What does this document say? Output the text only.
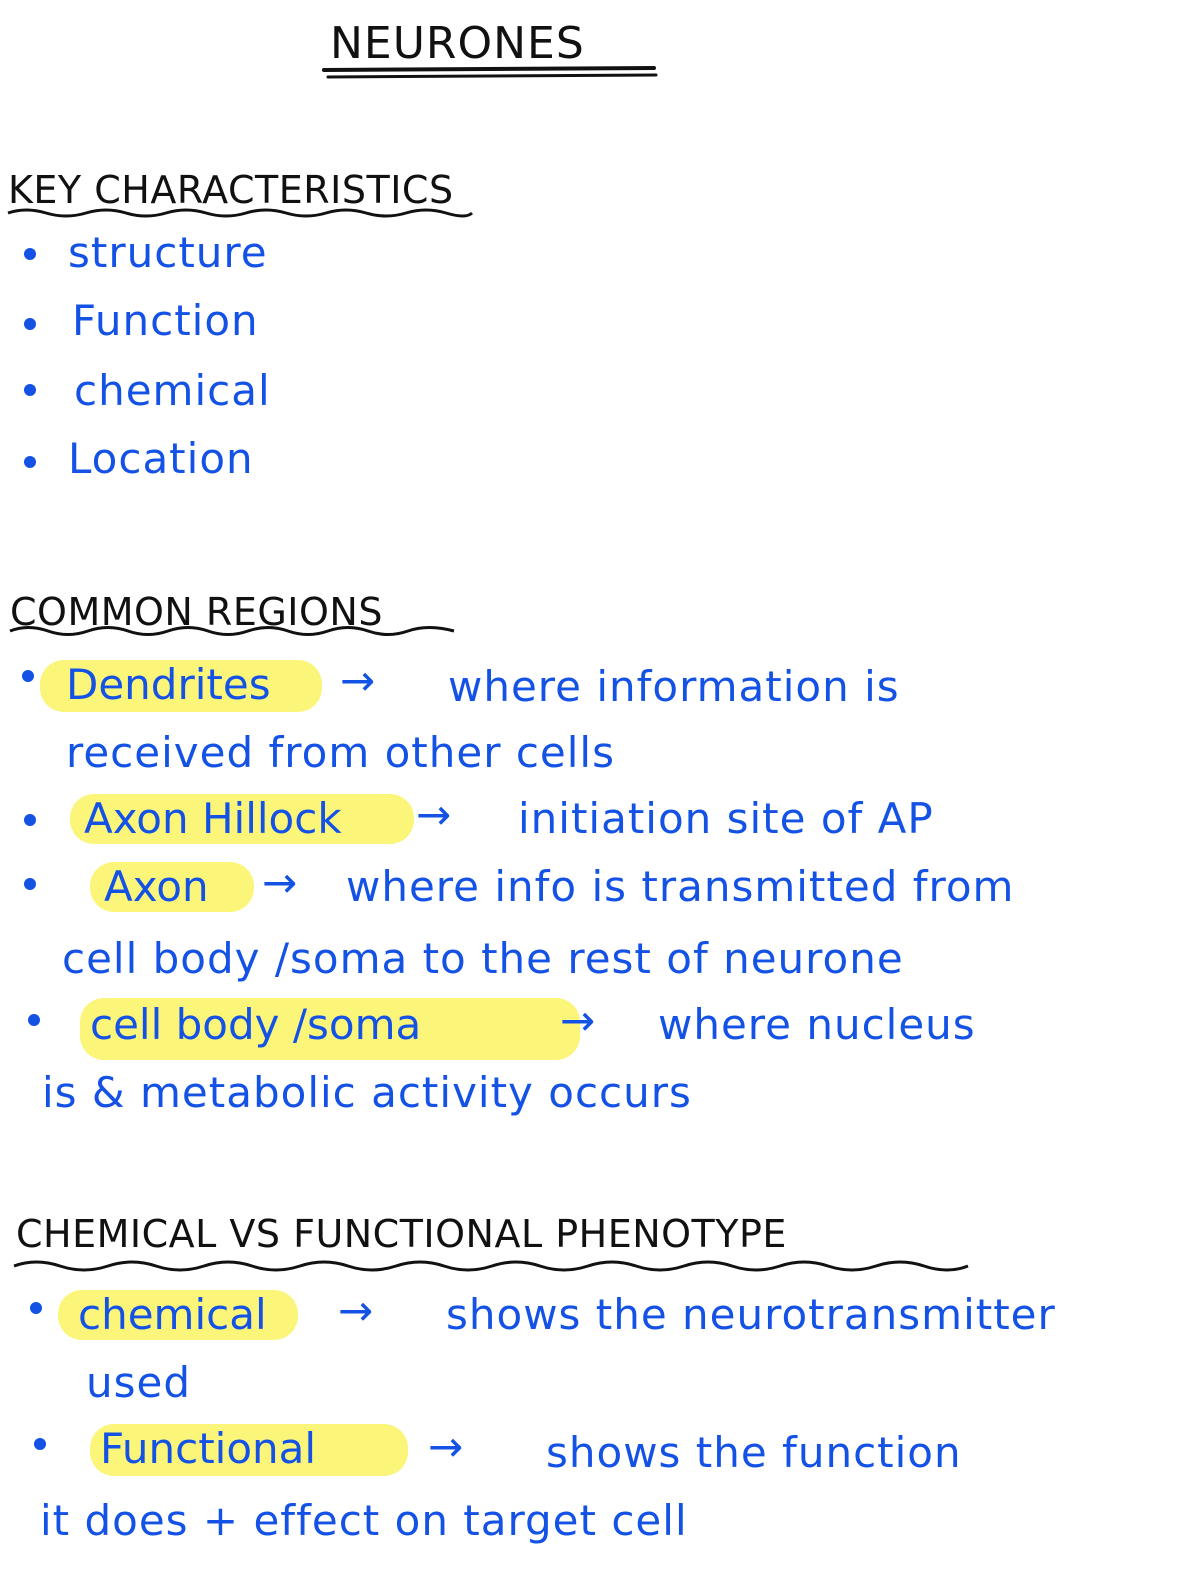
NEURONES
KEY CHARACTERISTICS
structure
Function
chemical
Location
COMMON REGIONS
Dendrites → where information is
received from other cells
Axon Hillock → initiation site of AP
Axon → where info is transmitted from
cell body /soma to the rest of neurone
cell body /soma	→ where nucleus
is & metabolic activity occurs
CHEMICAL VS FUNCTIONAL PHENOTYPE
chemical → shows the neurotransmitter
used
Functional	→ shows the function
it does + effect on target cell
